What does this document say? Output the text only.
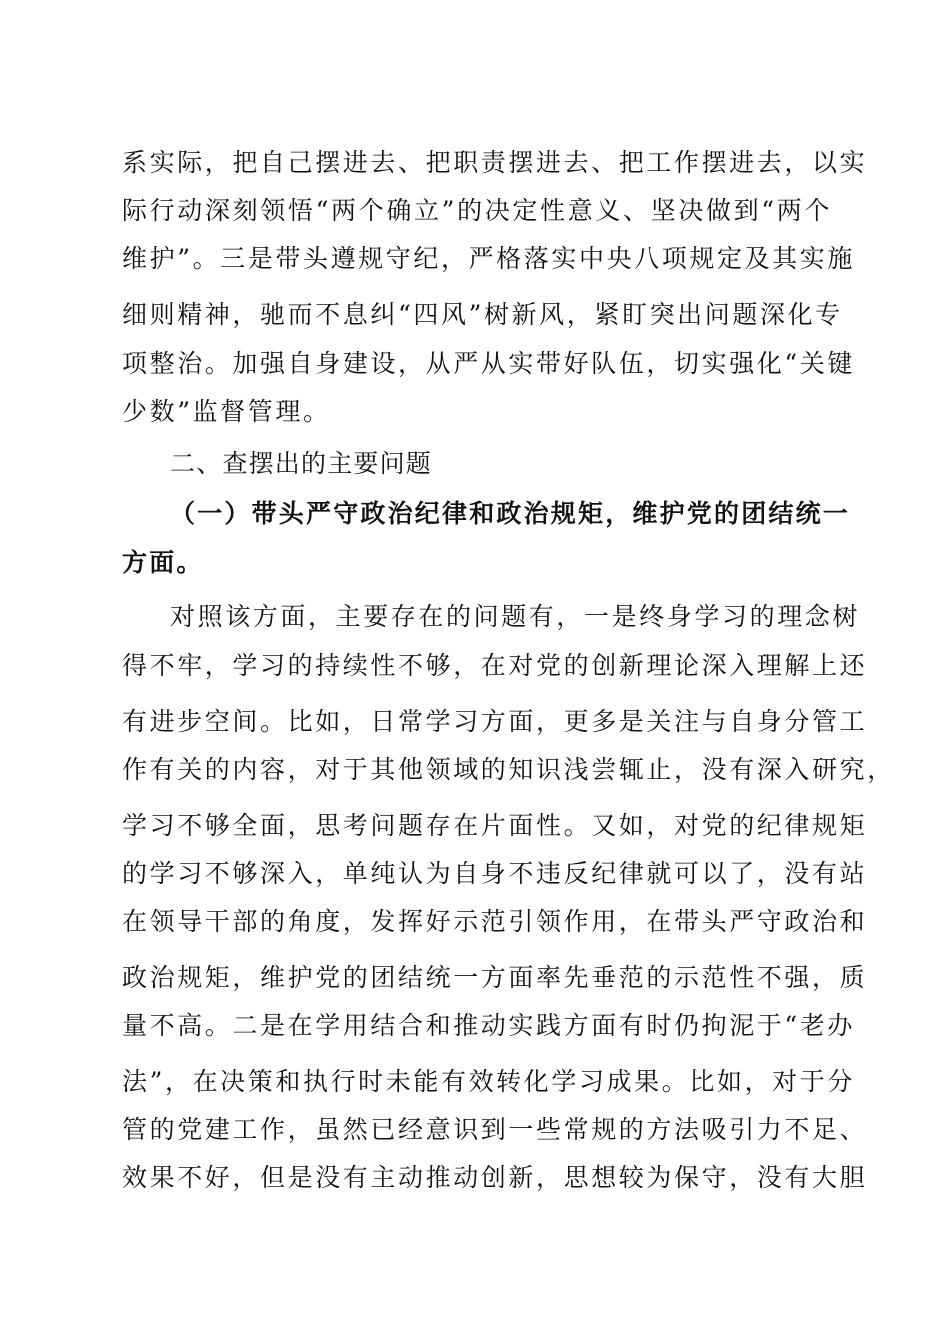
系实际，把自己摆进去、把职责摆进去、把工作摆进去，以实
际行动深刻领悟“两个确立”的决定性意义、坚决做到“两个
维护”。三是带头遵规守纪，严格落实中央八项规定及其实施
细则精神，驰而不息纠“四风”树新风，紧盯突出问题深化专
项整治。加强自身建设，从严从实带好队伍，切实强化“关键
少数”监督管理。
二、查摆出的主要问题
（一）带头严守政治纪律和政治规矩，维护党的团结统一
方面。
对照该方面，主要存在的问题有，一是终身学习的理念树
得不牢，学习的持续性不够，在对党的创新理论深入理解上还
有进步空间。比如，日常学习方面，更多是关注与自身分管工
作有关的内容，对于其他领域的知识浅尝辄止，没有深入研究，
学习不够全面，思考问题存在片面性。又如，对党的纪律规矩
的学习不够深入，单纯认为自身不违反纪律就可以了，没有站
在领导干部的角度，发挥好示范引领作用，在带头严守政治和
政治规矩，维护党的团结统一方面率先垂范的示范性不强，质
量不高。二是在学用结合和推动实践方面有时仍拘泥于“老办
法”，在决策和执行时未能有效转化学习成果。比如，对于分
管的党建工作，虽然已经意识到一些常规的方法吸引力不足、
效果不好，但是没有主动推动创新，思想较为保守，没有大胆
